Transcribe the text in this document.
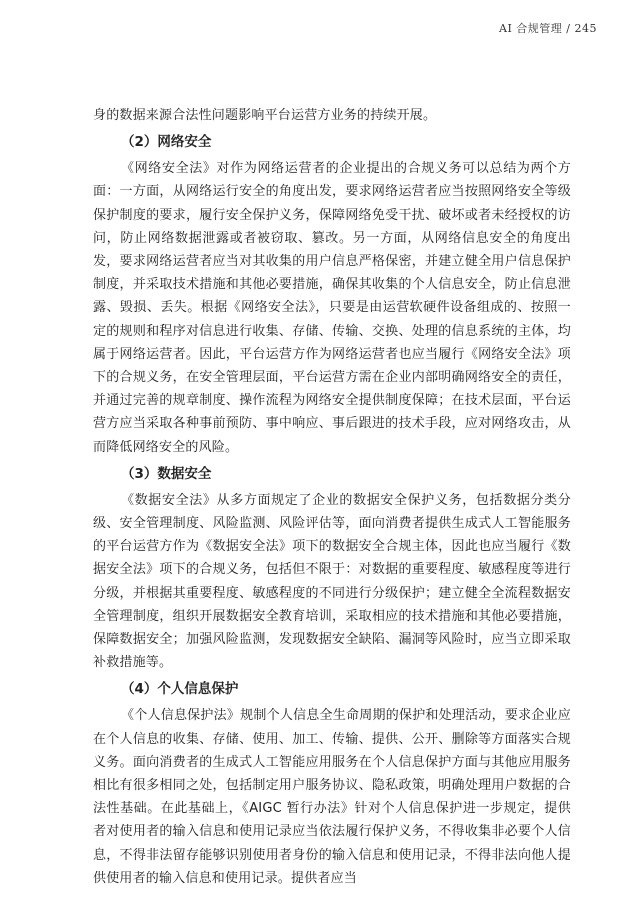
AI 合规管理 / 245

身的数据来源合法性问题影响平台运营方业务的持续开展。

（2）网络安全

《网络安全法》对作为网络运营者的企业提出的合规义务可以总结为两个方面：一方面，从网络运行安全的角度出发，要求网络运营者应当按照网络安全等级保护制度的要求，履行安全保护义务，保障网络免受干扰、破坏或者未经授权的访问，防止网络数据泄露或者被窃取、篡改。另一方面，从网络信息安全的角度出发，要求网络运营者应当对其收集的用户信息严格保密，并建立健全用户信息保护制度，并采取技术措施和其他必要措施，确保其收集的个人信息安全，防止信息泄露、毁损、丢失。根据《网络安全法》，只要是由运营软硬件设备组成的、按照一定的规则和程序对信息进行收集、存储、传输、交换、处理的信息系统的主体，均属于网络运营者。因此，平台运营方作为网络运营者也应当履行《网络安全法》项下的合规义务，在安全管理层面，平台运营方需在企业内部明确网络安全的责任，并通过完善的规章制度、操作流程为网络安全提供制度保障；在技术层面，平台运营方应当采取各种事前预防、事中响应、事后跟进的技术手段，应对网络攻击，从而降低网络安全的风险。

（3）数据安全

《数据安全法》从多方面规定了企业的数据安全保护义务，包括数据分类分级、安全管理制度、风险监测、风险评估等，面向消费者提供生成式人工智能服务的平台运营方作为《数据安全法》项下的数据安全合规主体，因此也应当履行《数据安全法》项下的合规义务，包括但不限于：对数据的重要程度、敏感程度等进行分级，并根据其重要程度、敏感程度的不同进行分级保护；建立健全全流程数据安全管理制度，组织开展数据安全教育培训，采取相应的技术措施和其他必要措施，保障数据安全；加强风险监测，发现数据安全缺陷、漏洞等风险时，应当立即采取补救措施等。

（4）个人信息保护

《个人信息保护法》规制个人信息全生命周期的保护和处理活动，要求企业应在个人信息的收集、存储、使用、加工、传输、提供、公开、删除等方面落实合规义务。面向消费者的生成式人工智能应用服务在个人信息保护方面与其他应用服务相比有很多相同之处，包括制定用户服务协议、隐私政策，明确处理用户数据的合法性基础。在此基础上，《AIGC 暂行办法》针对个人信息保护进一步规定，提供者对使用者的输入信息和使用记录应当依法履行保护义务，不得收集非必要个人信息，不得非法留存能够识别使用者身份的输入信息和使用记录，不得非法向他人提供使用者的输入信息和使用记录。提供者应当
